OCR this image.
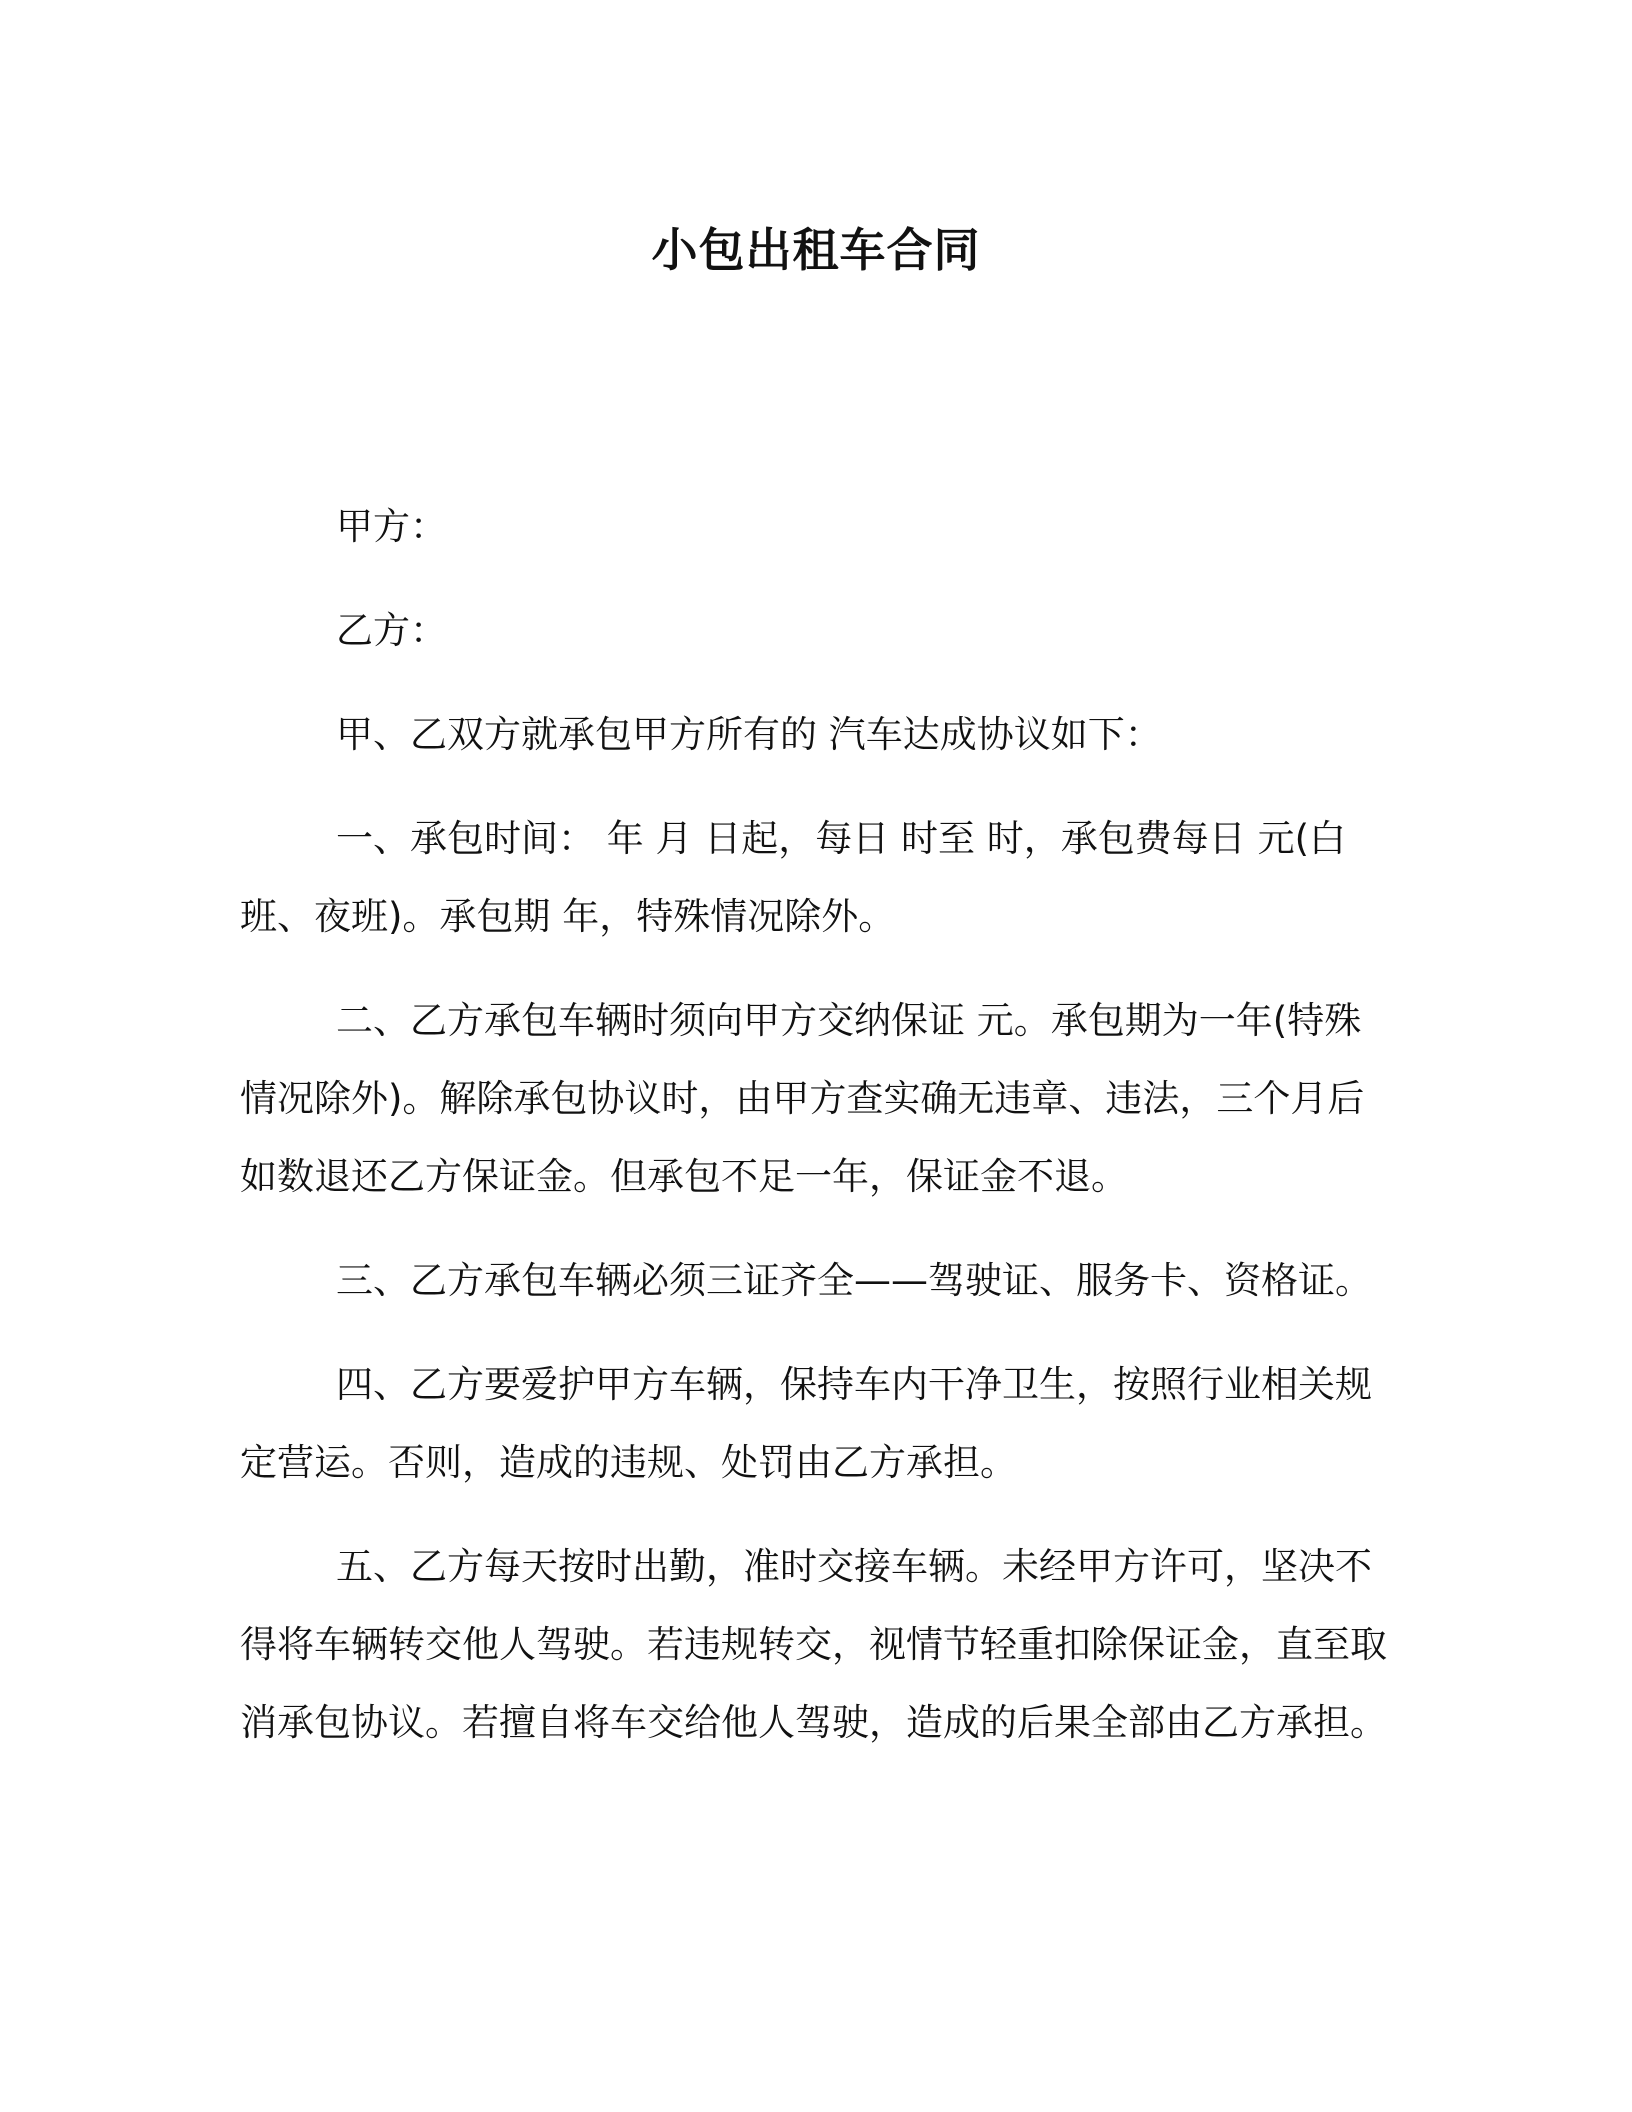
小包出租车合同

甲方：

乙方：

甲、乙双方就承包甲方所有的 汽车达成协议如下：

一、承包时间： 年 月 日起，每日 时至 时，承包费每日 元(白班、夜班)。承包期 年，特殊情况除外。

二、乙方承包车辆时须向甲方交纳保证 元。承包期为一年(特殊情况除外)。解除承包协议时，由甲方查实确无违章、违法，三个月后如数退还乙方保证金。但承包不足一年，保证金不退。

三、乙方承包车辆必须三证齐全——驾驶证、服务卡、资格证。

四、乙方要爱护甲方车辆，保持车内干净卫生，按照行业相关规定营运。否则，造成的违规、处罚由乙方承担。

五、乙方每天按时出勤，准时交接车辆。未经甲方许可，坚决不得将车辆转交他人驾驶。若违规转交，视情节轻重扣除保证金，直至取消承包协议。若擅自将车交给他人驾驶，造成的后果全部由乙方承担。
